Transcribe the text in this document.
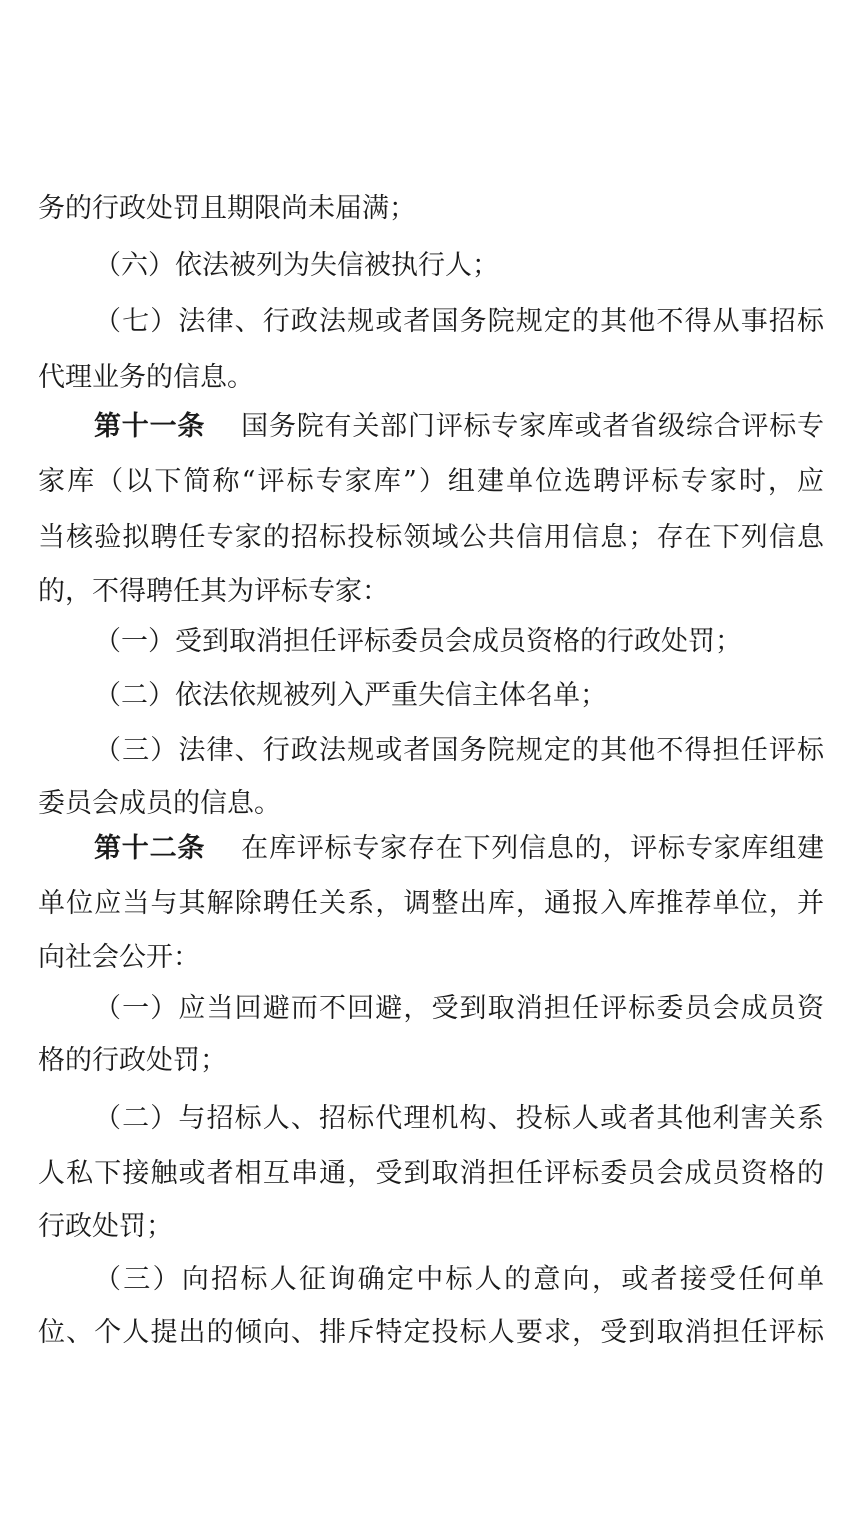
务的行政处罚且期限尚未届满；
（六）依法被列为失信被执行人；
（七）法律、行政法规或者国务院规定的其他不得从事招标
代理业务的信息。
第十一条 国务院有关部门评标专家库或者省级综合评标专
家库（以下简称“评标专家库”）组建单位选聘评标专家时，应
当核验拟聘任专家的招标投标领域公共信用信息；存在下列信息
的，不得聘任其为评标专家：
（一）受到取消担任评标委员会成员资格的行政处罚；
（二）依法依规被列入严重失信主体名单；
（三）法律、行政法规或者国务院规定的其他不得担任评标
委员会成员的信息。
第十二条 在库评标专家存在下列信息的，评标专家库组建
单位应当与其解除聘任关系，调整出库，通报入库推荐单位，并
向社会公开：
（一）应当回避而不回避，受到取消担任评标委员会成员资
格的行政处罚；
（二）与招标人、招标代理机构、投标人或者其他利害关系
人私下接触或者相互串通，受到取消担任评标委员会成员资格的
行政处罚；
（三）向招标人征询确定中标人的意向，或者接受任何单
位、个人提出的倾向、排斥特定投标人要求，受到取消担任评标
